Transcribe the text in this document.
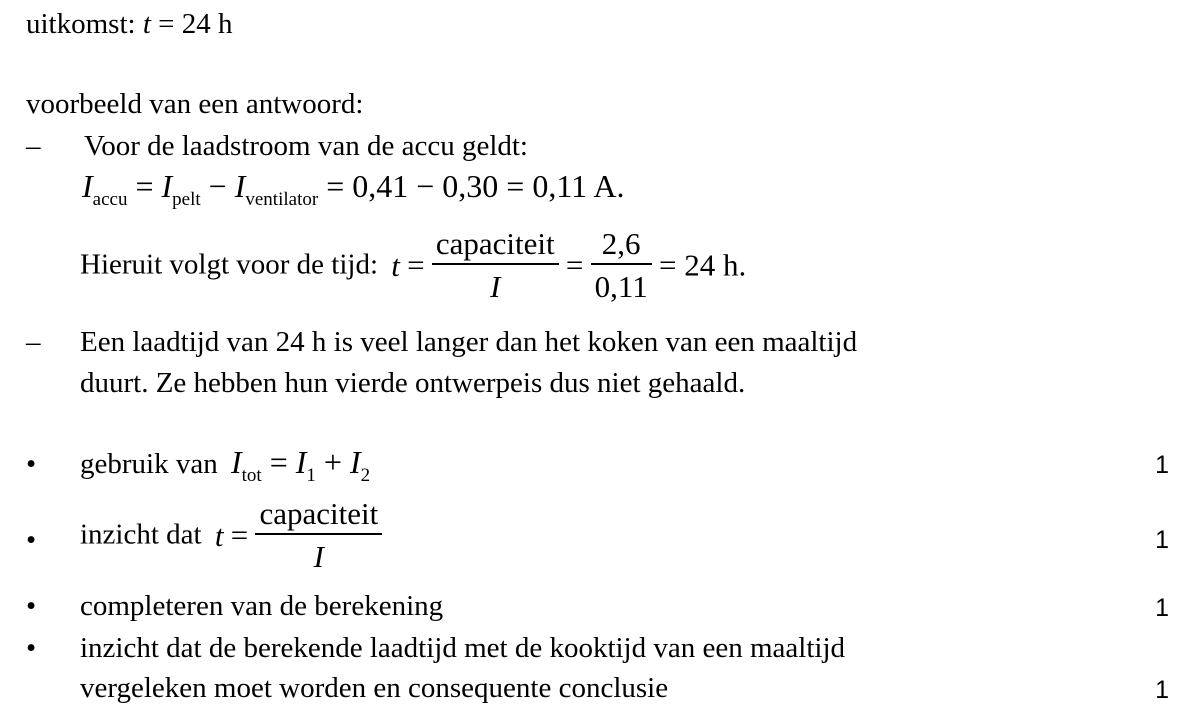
uitkomst: t = 24 h
voorbeeld van een antwoord:
– Voor de laadstroom van de accu geldt:
$I_{accu} = I_{pelt} - I_{ventilator} = 0,41 - 0,30 = 0,11$ A.
Hieruit volgt voor de tijd: $t = \frac{\text{capaciteit}}{I} = \frac{2,6}{0,11} = 24$ h.
– Een laadtijd van 24 h is veel langer dan het koken van een maaltijd
duurt. Ze hebben hun vierde ontwerpeis dus niet gehaald.
• gebruik van $I_{tot} = I_1 + I_2$	1
• inzicht dat $t = \frac{\text{capaciteit}}{I}$	1
• completeren van de berekening	1
• inzicht dat de berekende laadtijd met de kooktijd van een maaltijd
vergeleken moet worden en consequente conclusie	1
